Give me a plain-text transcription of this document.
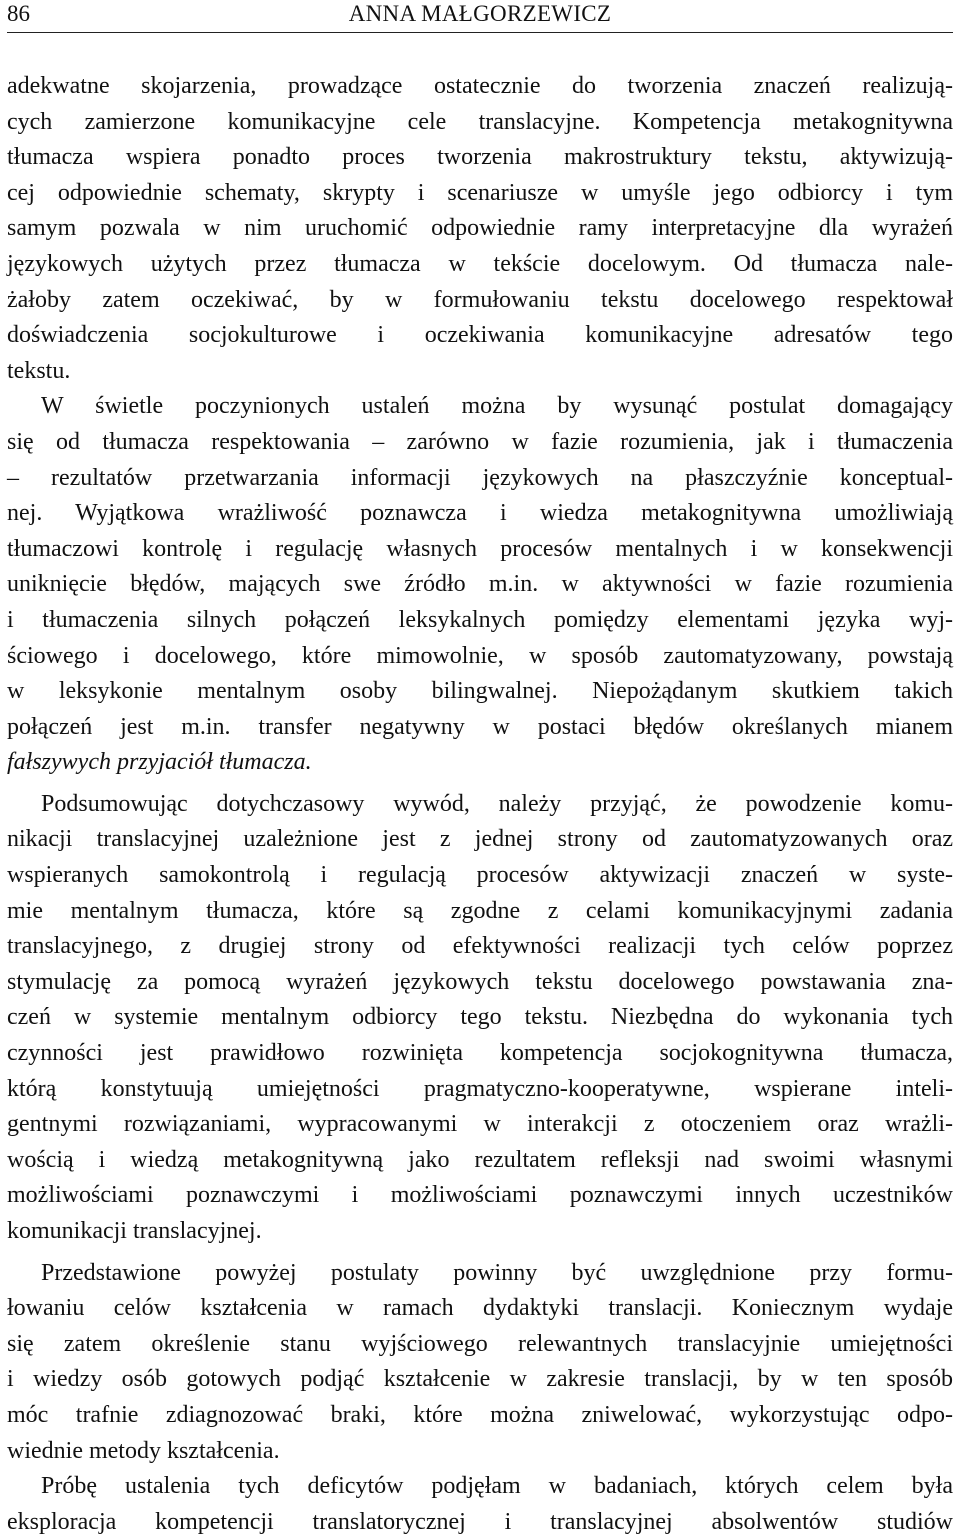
86	ANNA MAŁGORZEWICZ
adekwatne skojarzenia, prowadzące ostatecznie do tworzenia znaczeń realizują-
cych zamierzone komunikacyjne cele translacyjne. Kompetencja metakognitywna
tłumacza wspiera ponadto proces tworzenia makrostruktury tekstu, aktywizują-
cej odpowiednie schematy, skrypty i scenariusze w umyśle jego odbiorcy i tym
samym pozwala w nim uruchomić odpowiednie ramy interpretacyjne dla wyrażeń
językowych użytych przez tłumacza w tekście docelowym. Od tłumacza nale-
żałoby zatem oczekiwać, by w formułowaniu tekstu docelowego respektował
doświadczenia socjokulturowe i oczekiwania komunikacyjne adresatów tego
tekstu.
W świetle poczynionych ustaleń można by wysunąć postulat domagający
się od tłumacza respektowania – zarówno w fazie rozumienia, jak i tłumaczenia
– rezultatów przetwarzania informacji językowych na płaszczyźnie konceptual-
nej. Wyjątkowa wrażliwość poznawcza i wiedza metakognitywna umożliwiają
tłumaczowi kontrolę i regulację własnych procesów mentalnych i w konsekwencji
uniknięcie błędów, mających swe źródło m.in. w aktywności w fazie rozumienia
i tłumaczenia silnych połączeń leksykalnych pomiędzy elementami języka wyj-
ściowego i docelowego, które mimowolnie, w sposób zautomatyzowany, powstają
w leksykonie mentalnym osoby bilingwalnej. Niepożądanym skutkiem takich
połączeń jest m.in. transfer negatywny w postaci błędów określanych mianem
fałszywych przyjaciół tłumacza.
Podsumowując dotychczasowy wywód, należy przyjąć, że powodzenie komu-
nikacji translacyjnej uzależnione jest z jednej strony od zautomatyzowanych oraz
wspieranych samokontrolą i regulacją procesów aktywizacji znaczeń w syste-
mie mentalnym tłumacza, które są zgodne z celami komunikacyjnymi zadania
translacyjnego, z drugiej strony od efektywności realizacji tych celów poprzez
stymulację za pomocą wyrażeń językowych tekstu docelowego powstawania zna-
czeń w systemie mentalnym odbiorcy tego tekstu. Niezbędna do wykonania tych
czynności jest prawidłowo rozwinięta kompetencja socjokognitywna tłumacza,
którą konstytuują umiejętności pragmatyczno-kooperatywne, wspierane inteli-
gentnymi rozwiązaniami, wypracowanymi w interakcji z otoczeniem oraz wrażli-
wością i wiedzą metakognitywną jako rezultatem refleksji nad swoimi własnymi
możliwościami poznawczymi i możliwościami poznawczymi innych uczestników
komunikacji translacyjnej.
Przedstawione powyżej postulaty powinny być uwzględnione przy formu-
łowaniu celów kształcenia w ramach dydaktyki translacji. Koniecznym wydaje
się zatem określenie stanu wyjściowego relewantnych translacyjnie umiejętności
i wiedzy osób gotowych podjąć kształcenie w zakresie translacji, by w ten sposób
móc trafnie zdiagnozować braki, które można zniwelować, wykorzystując odpo-
wiednie metody kształcenia.
Próbę ustalenia tych deficytów podjęłam w badaniach, których celem była
eksploracja kompetencji translatorycznej i translacyjnej absolwentów studiów
